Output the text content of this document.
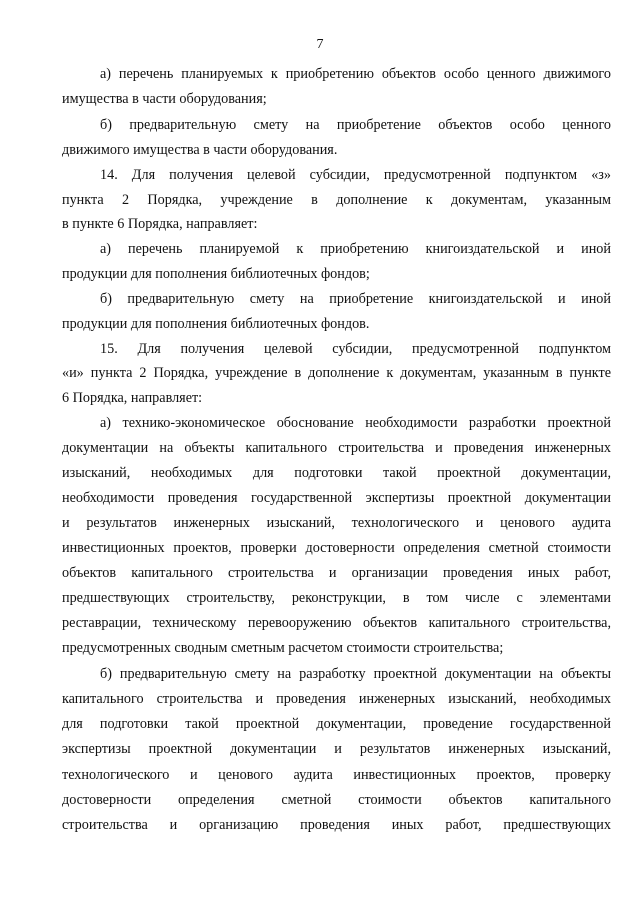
7
а) перечень планируемых к приобретению объектов особо ценного движимого
имущества в части оборудования;
б) предварительную смету на приобретение объектов особо ценного
движимого имущества в части оборудования.
14. Для получения целевой субсидии, предусмотренной подпунктом «з»
пункта 2 Порядка, учреждение в дополнение к документам, указанным
в пункте 6 Порядка, направляет:
а) перечень планируемой к приобретению книгоиздательской и иной
продукции для пополнения библиотечных фондов;
б) предварительную смету на приобретение книгоиздательской и иной
продукции для пополнения библиотечных фондов.
15. Для получения целевой субсидии, предусмотренной подпунктом
«и» пункта 2 Порядка, учреждение в дополнение к документам, указанным в пункте
6 Порядка, направляет:
а) технико-экономическое обоснование необходимости разработки проектной
документации на объекты капитального строительства и проведения инженерных
изысканий, необходимых для подготовки такой проектной документации,
необходимости проведения государственной экспертизы проектной документации
и результатов инженерных изысканий, технологического и ценового аудита
инвестиционных проектов, проверки достоверности определения сметной стоимости
объектов капитального строительства и организации проведения иных работ,
предшествующих строительству, реконструкции, в том числе с элементами
реставрации, техническому перевооружению объектов капитального строительства,
предусмотренных сводным сметным расчетом стоимости строительства;
б) предварительную смету на разработку проектной документации на объекты
капитального строительства и проведения инженерных изысканий, необходимых
для подготовки такой проектной документации, проведение государственной
экспертизы проектной документации и результатов инженерных изысканий,
технологического и ценового аудита инвестиционных проектов, проверку
достоверности определения сметной стоимости объектов капитального
строительства и организацию проведения иных работ, предшествующих
